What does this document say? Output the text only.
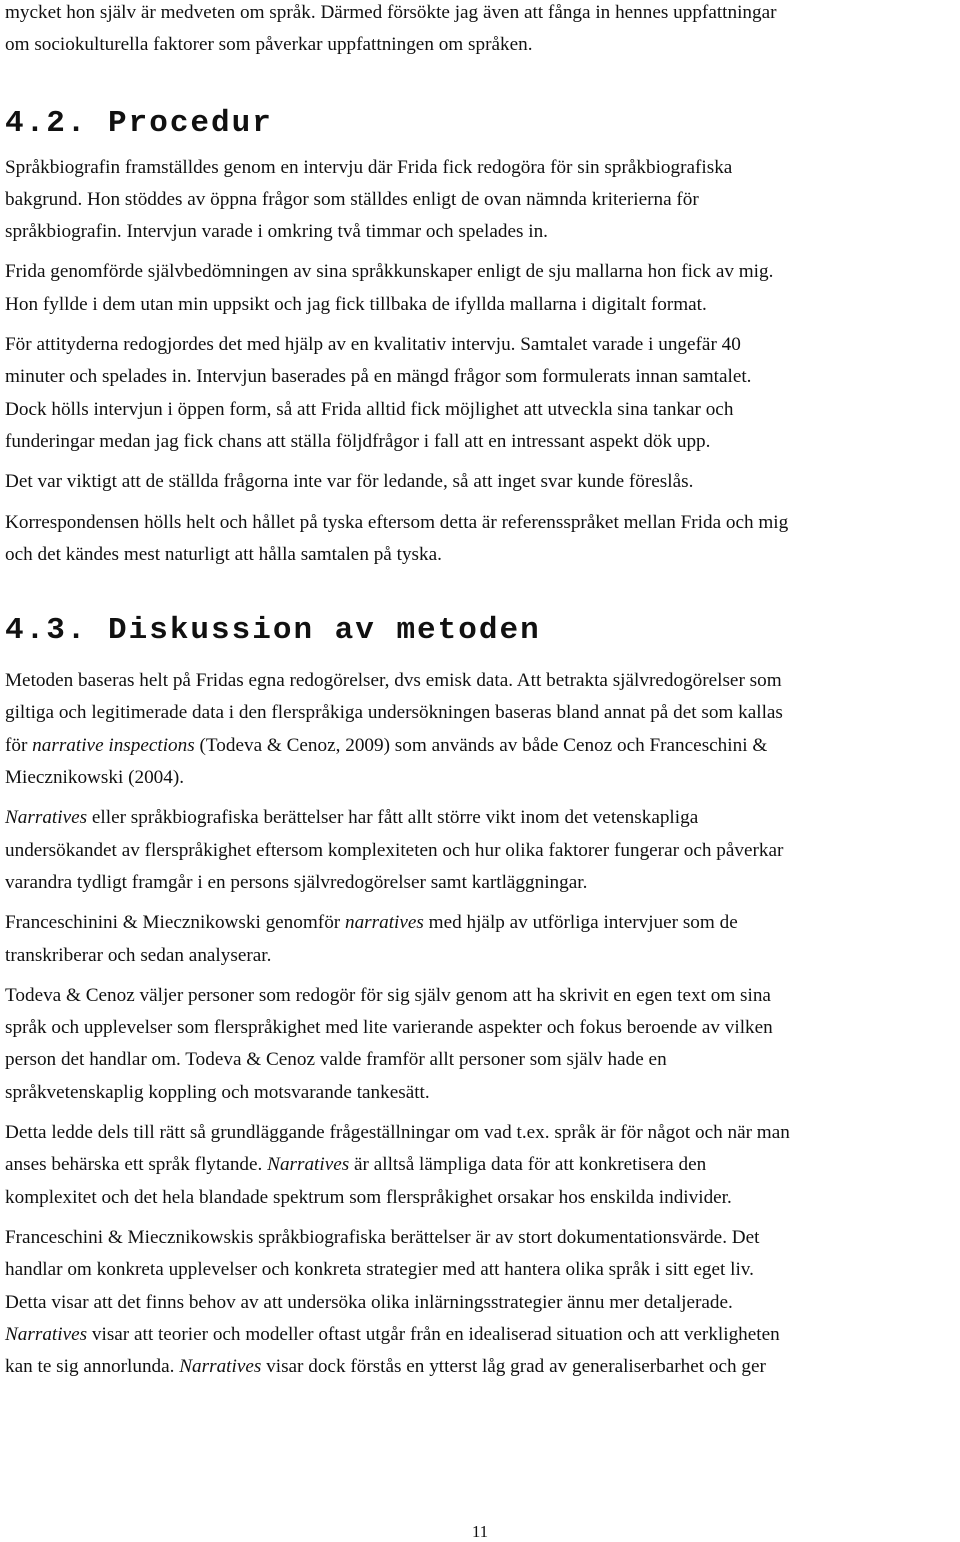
mycket hon själv är medveten om språk. Därmed försökte jag även att fånga in hennes uppfattningar
om sociokulturella faktorer som påverkar uppfattningen om språken.

4.2. Procedur

Språkbiografin framställdes genom en intervju där Frida fick redogöra för sin språkbiografiska
bakgrund. Hon stöddes av öppna frågor som ställdes enligt de ovan nämnda kriterierna för
språkbiografin. Intervjun varade i omkring två timmar och spelades in.

Frida genomförde självbedömningen av sina språkkunskaper enligt de sju mallarna hon fick av mig.
Hon fyllde i dem utan min uppsikt och jag fick tillbaka de ifyllda mallarna i digitalt format.

För attityderna redogjordes det med hjälp av en kvalitativ intervju. Samtalet varade i ungefär 40
minuter och spelades in. Intervjun baserades på en mängd frågor som formulerats innan samtalet.
Dock hölls intervjun i öppen form, så att Frida alltid fick möjlighet att utveckla sina tankar och
funderingar medan jag fick chans att ställa följdfrågor i fall att en intressant aspekt dök upp.

Det var viktigt att de ställda frågorna inte var för ledande, så att inget svar kunde föreslås.

Korrespondensen hölls helt och hållet på tyska eftersom detta är referensspråket mellan Frida och mig
och det kändes mest naturligt att hålla samtalen på tyska.

4.3. Diskussion av metoden

Metoden baseras helt på Fridas egna redogörelser, dvs emisk data. Att betrakta självredogörelser som
giltiga och legitimerade data i den flerspråkiga undersökningen baseras bland annat på det som kallas
för narrative inspections (Todeva & Cenoz, 2009) som används av både Cenoz och Franceschini &
Miecznikowski (2004).

Narratives eller språkbiografiska berättelser har fått allt större vikt inom det vetenskapliga
undersökandet av flerspråkighet eftersom komplexiteten och hur olika faktorer fungerar och påverkar
varandra tydligt framgår i en persons självredogörelser samt kartläggningar.

Franceschinini & Miecznikowski genomför narratives med hjälp av utförliga intervjuer som de
transkriberar och sedan analyserar.

Todeva & Cenoz väljer personer som redogör för sig själv genom att ha skrivit en egen text om sina
språk och upplevelser som flerspråkighet med lite varierande aspekter och fokus beroende av vilken
person det handlar om. Todeva & Cenoz valde framför allt personer som själv hade en
språkvetenskaplig koppling och motsvarande tankesätt.

Detta ledde dels till rätt så grundläggande frågeställningar om vad t.ex. språk är för något och när man
anses behärska ett språk flytande. Narratives är alltså lämpliga data för att konkretisera den
komplexitet och det hela blandade spektrum som flerspråkighet orsakar hos enskilda individer.

Franceschini & Miecznikowskis språkbiografiska berättelser är av stort dokumentationsvärde. Det
handlar om konkreta upplevelser och konkreta strategier med att hantera olika språk i sitt eget liv.
Detta visar att det finns behov av att undersöka olika inlärningsstrategier ännu mer detaljerade.
Narratives visar att teorier och modeller oftast utgår från en idealiserad situation och att verkligheten
kan te sig annorlunda. Narratives visar dock förstås en ytterst låg grad av generaliserbarhet och ger

11
